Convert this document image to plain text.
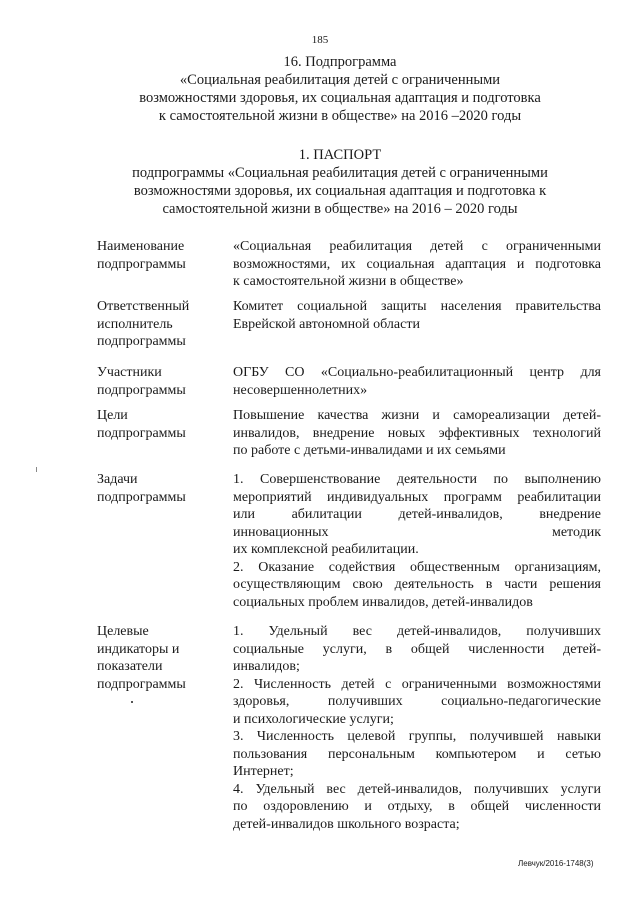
185
16. Подпрограмма
«Социальная реабилитация детей с ограниченными
возможностями здоровья, их социальная адаптация и подготовка
к самостоятельной жизни в обществе» на 2016 –2020 годы
1. ПАСПОРТ
подпрограммы «Социальная реабилитация детей с ограниченными
возможностями здоровья, их социальная адаптация и подготовка к
самостоятельной жизни в обществе» на 2016 – 2020 годы
Наименование
подпрограммы
«Социальная реабилитация детей с ограниченными
возможностями, их социальная адаптация и подготовка
к самостоятельной жизни в обществе»
Ответственный
исполнитель
подпрограммы
Комитет социальной защиты населения правительства
Еврейской автономной области
Участники
подпрограммы
ОГБУ СО «Социально-реабилитационный центр для
несовершеннолетних»
Цели
подпрограммы
Повышение качества жизни и самореализации детей-
инвалидов, внедрение новых эффективных технологий
по работе с детьми-инвалидами и их семьями
Задачи
подпрограммы
1. Совершенствование деятельности по выполнению
мероприятий индивидуальных программ реабилитации
или абилитации детей-инвалидов, внедрение
инновационных методик
их комплексной реабилитации.
2. Оказание содействия общественным организациям,
осуществляющим свою деятельность в части решения
социальных проблем инвалидов, детей-инвалидов
Целевые
индикаторы и
показатели
подпрограммы
1. Удельный вес детей-инвалидов, получивших
социальные услуги, в общей численности детей-
инвалидов;
2. Численность детей с ограниченными возможностями
здоровья, получивших социально-педагогические
и психологические услуги;
3. Численность целевой группы, получившей навыки
пользования персональным компьютером и сетью
Интернет;
4. Удельный вес детей-инвалидов, получивших услуги
по оздоровлению и отдыху, в общей численности
детей-инвалидов школьного возраста;
Левчук/2016-1748(3)
